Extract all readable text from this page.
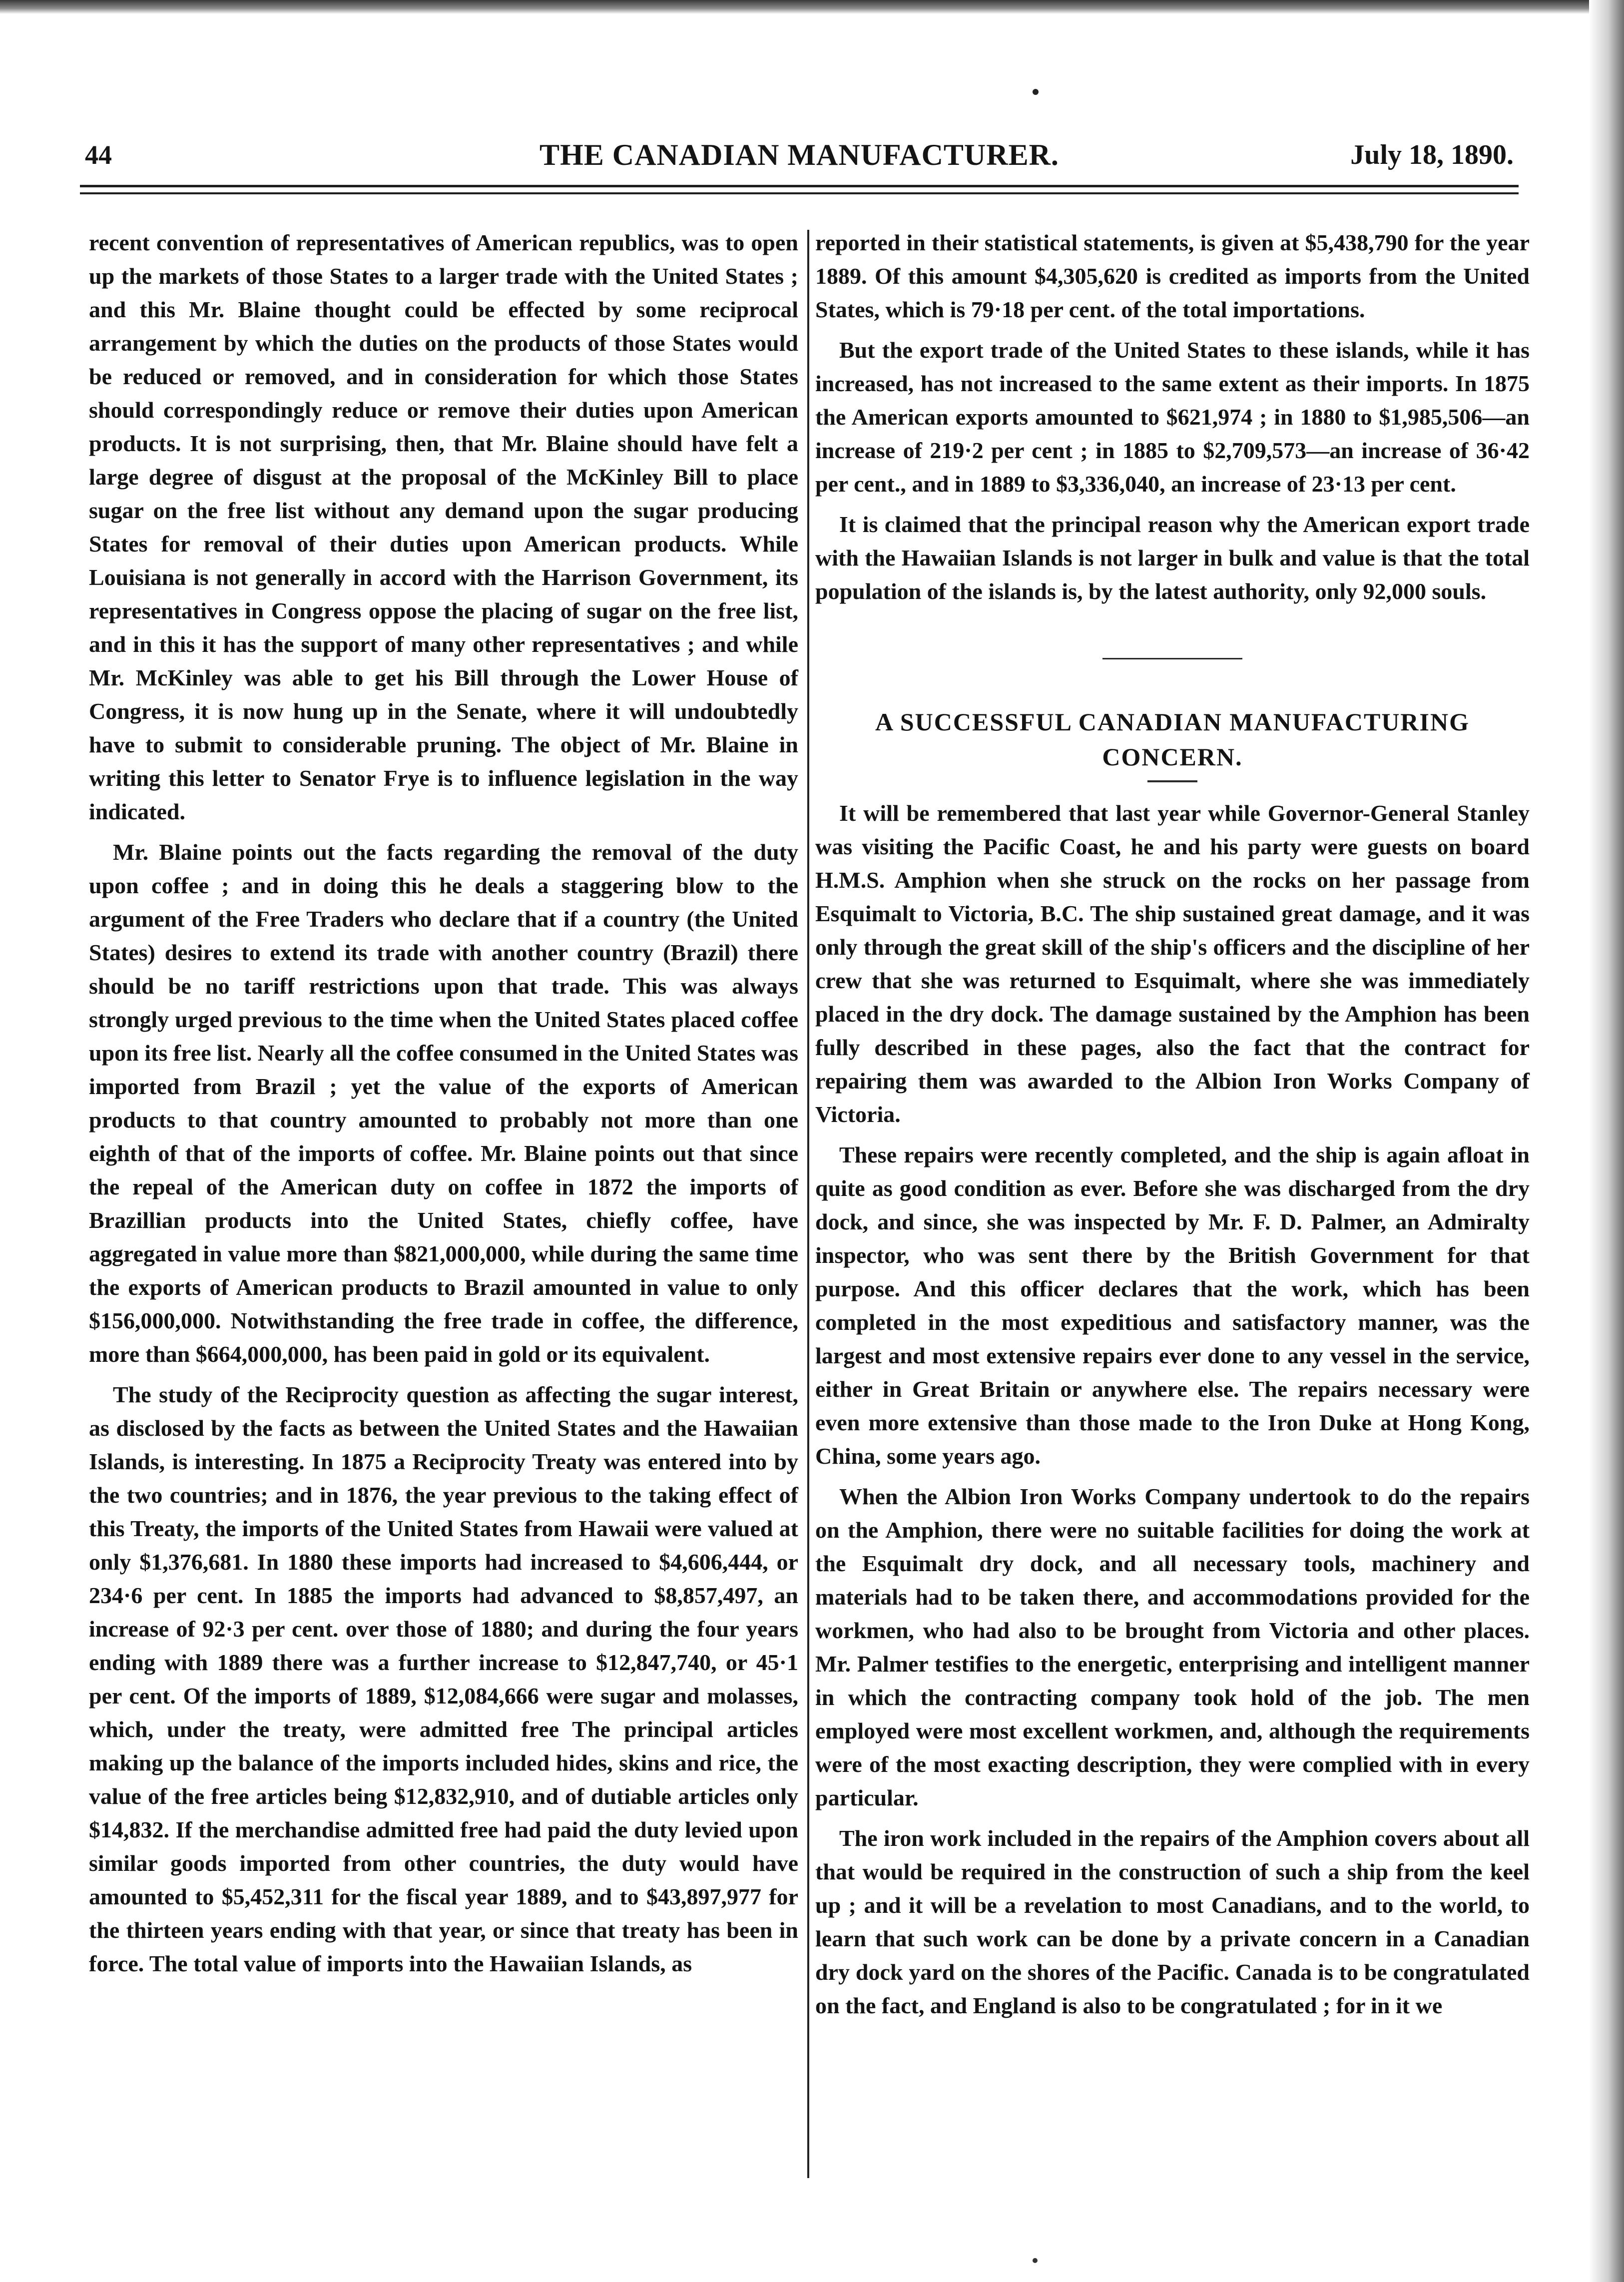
THE CANADIAN MANUFACTURER.
44	July 18, 1890.

recent convention of representatives of American republics, was to open up the markets of those States to a larger trade with the United States ; and this Mr. Blaine thought could be effected by some reciprocal arrangement by which the duties on the products of those States would be reduced or removed, and in consideration for which those States should correspondingly reduce or remove their duties upon American products. It is not surprising, then, that Mr. Blaine should have felt a large degree of disgust at the proposal of the McKinley Bill to place sugar on the free list without any demand upon the sugar producing States for removal of their duties upon American products. While Louisiana is not generally in accord with the Harrison Government, its representatives in Congress oppose the placing of sugar on the free list, and in this it has the support of many other representatives ; and while Mr. McKinley was able to get his Bill through the Lower House of Congress, it is now hung up in the Senate, where it will undoubtedly have to submit to considerable pruning. The object of Mr. Blaine in writing this letter to Senator Frye is to influence legislation in the way indicated.

Mr. Blaine points out the facts regarding the removal of the duty upon coffee ; and in doing this he deals a staggering blow to the argument of the Free Traders who declare that if a country (the United States) desires to extend its trade with another country (Brazil) there should be no tariff restrictions upon that trade. This was always strongly urged previous to the time when the United States placed coffee upon its free list. Nearly all the coffee consumed in the United States was imported from Brazil ; yet the value of the exports of American products to that country amounted to probably not more than one eighth of that of the imports of coffee. Mr. Blaine points out that since the repeal of the American duty on coffee in 1872 the imports of Brazillian products into the United States, chiefly coffee, have aggregated in value more than $821,000,000, while during the same time the exports of American products to Brazil amounted in value to only $156,000,000. Notwithstanding the free trade in coffee, the difference, more than $664,000,000, has been paid in gold or its equivalent.

The study of the Reciprocity question as affecting the sugar interest, as disclosed by the facts as between the United States and the Hawaiian Islands, is interesting. In 1875 a Reciprocity Treaty was entered into by the two countries; and in 1876, the year previous to the taking effect of this Treaty, the imports of the United States from Hawaii were valued at only $1,376,681. In 1880 these imports had increased to $4,606,444, or 234·6 per cent. In 1885 the imports had advanced to $8,857,497, an increase of 92·3 per cent. over those of 1880; and during the four years ending with 1889 there was a further increase to $12,847,740, or 45·1 per cent. Of the imports of 1889, $12,084,666 were sugar and molasses, which, under the treaty, were admitted free The principal articles making up the balance of the imports included hides, skins and rice, the value of the free articles being $12,832,910, and of dutiable articles only $14,832. If the merchandise admitted free had paid the duty levied upon similar goods imported from other countries, the duty would have amounted to $5,452,311 for the fiscal year 1889, and to $43,897,977 for the thirteen years ending with that year, or since that treaty has been in force. The total value of imports into the Hawaiian Islands, as

reported in their statistical statements, is given at $5,438,790 for the year 1889. Of this amount $4,305,620 is credited as imports from the United States, which is 79·18 per cent. of the total importations.

But the export trade of the United States to these islands, while it has increased, has not increased to the same extent as their imports. In 1875 the American exports amounted to $621,974 ; in 1880 to $1,985,506—an increase of 219·2 per cent ; in 1885 to $2,709,573—an increase of 36·42 per cent., and in 1889 to $3,336,040, an increase of 23·13 per cent.

It is claimed that the principal reason why the American export trade with the Hawaiian Islands is not larger in bulk and value is that the total population of the islands is, by the latest authority, only 92,000 souls.

A SUCCESSFUL CANADIAN MANUFACTURING CONCERN.

It will be remembered that last year while Governor-General Stanley was visiting the Pacific Coast, he and his party were guests on board H.M.S. Amphion when she struck on the rocks on her passage from Esquimalt to Victoria, B.C. The ship sustained great damage, and it was only through the great skill of the ship's officers and the discipline of her crew that she was returned to Esquimalt, where she was immediately placed in the dry dock. The damage sustained by the Amphion has been fully described in these pages, also the fact that the contract for repairing them was awarded to the Albion Iron Works Company of Victoria.

These repairs were recently completed, and the ship is again afloat in quite as good condition as ever. Before she was discharged from the dry dock, and since, she was inspected by Mr. F. D. Palmer, an Admiralty inspector, who was sent there by the British Government for that purpose. And this officer declares that the work, which has been completed in the most expeditious and satisfactory manner, was the largest and most extensive repairs ever done to any vessel in the service, either in Great Britain or anywhere else. The repairs necessary were even more extensive than those made to the Iron Duke at Hong Kong, China, some years ago.

When the Albion Iron Works Company undertook to do the repairs on the Amphion, there were no suitable facilities for doing the work at the Esquimalt dry dock, and all necessary tools, machinery and materials had to be taken there, and accommodations provided for the workmen, who had also to be brought from Victoria and other places. Mr. Palmer testifies to the energetic, enterprising and intelligent manner in which the contracting company took hold of the job. The men employed were most excellent workmen, and, although the requirements were of the most exacting description, they were complied with in every particular.

The iron work included in the repairs of the Amphion covers about all that would be required in the construction of such a ship from the keel up ; and it will be a revelation to most Canadians, and to the world, to learn that such work can be done by a private concern in a Canadian dry dock yard on the shores of the Pacific. Canada is to be congratulated on the fact, and England is also to be congratulated ; for in it we
